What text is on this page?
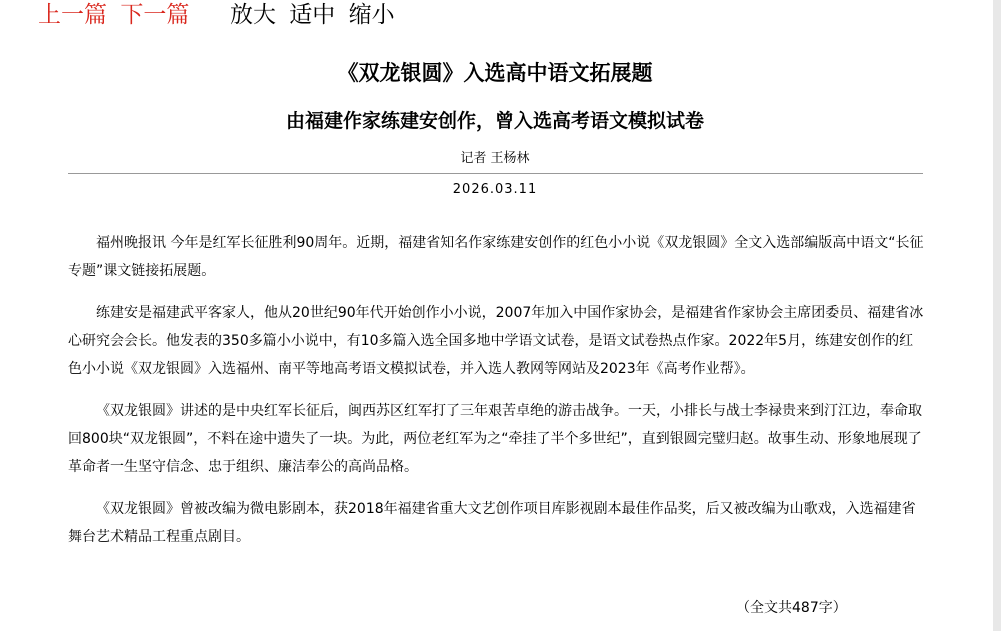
上一篇 下一篇 放大 适中 缩小
《双龙银圆》入选高中语文拓展题
由福建作家练建安创作，曾入选高考语文模拟试卷
记者 王杨林
2026.03.11

福州晚报讯 今年是红军长征胜利90周年。近期，福建省知名作家练建安创作的红色小小说《双龙银圆》全文入选部编版高中语文“长征专题”课文链接拓展题。

练建安是福建武平客家人，他从20世纪90年代开始创作小小说，2007年加入中国作家协会，是福建省作家协会主席团委员、福建省冰心研究会会长。他发表的350多篇小小说中，有10多篇入选全国多地中学语文试卷，是语文试卷热点作家。2022年5月，练建安创作的红色小小说《双龙银圆》入选福州、南平等地高考语文模拟试卷，并入选人教网等网站及2023年《高考作业帮》。

《双龙银圆》讲述的是中央红军长征后，闽西苏区红军打了三年艰苦卓绝的游击战争。一天，小排长与战士李禄贵来到汀江边，奉命取回800块“双龙银圆”，不料在途中遗失了一块。为此，两位老红军为之“牵挂了半个多世纪”，直到银圆完璧归赵。故事生动、形象地展现了革命者一生坚守信念、忠于组织、廉洁奉公的高尚品格。

《双龙银圆》曾被改编为微电影剧本，获2018年福建省重大文艺创作项目库影视剧本最佳作品奖，后又被改编为山歌戏，入选福建省舞台艺术精品工程重点剧目。

（全文共487字）
